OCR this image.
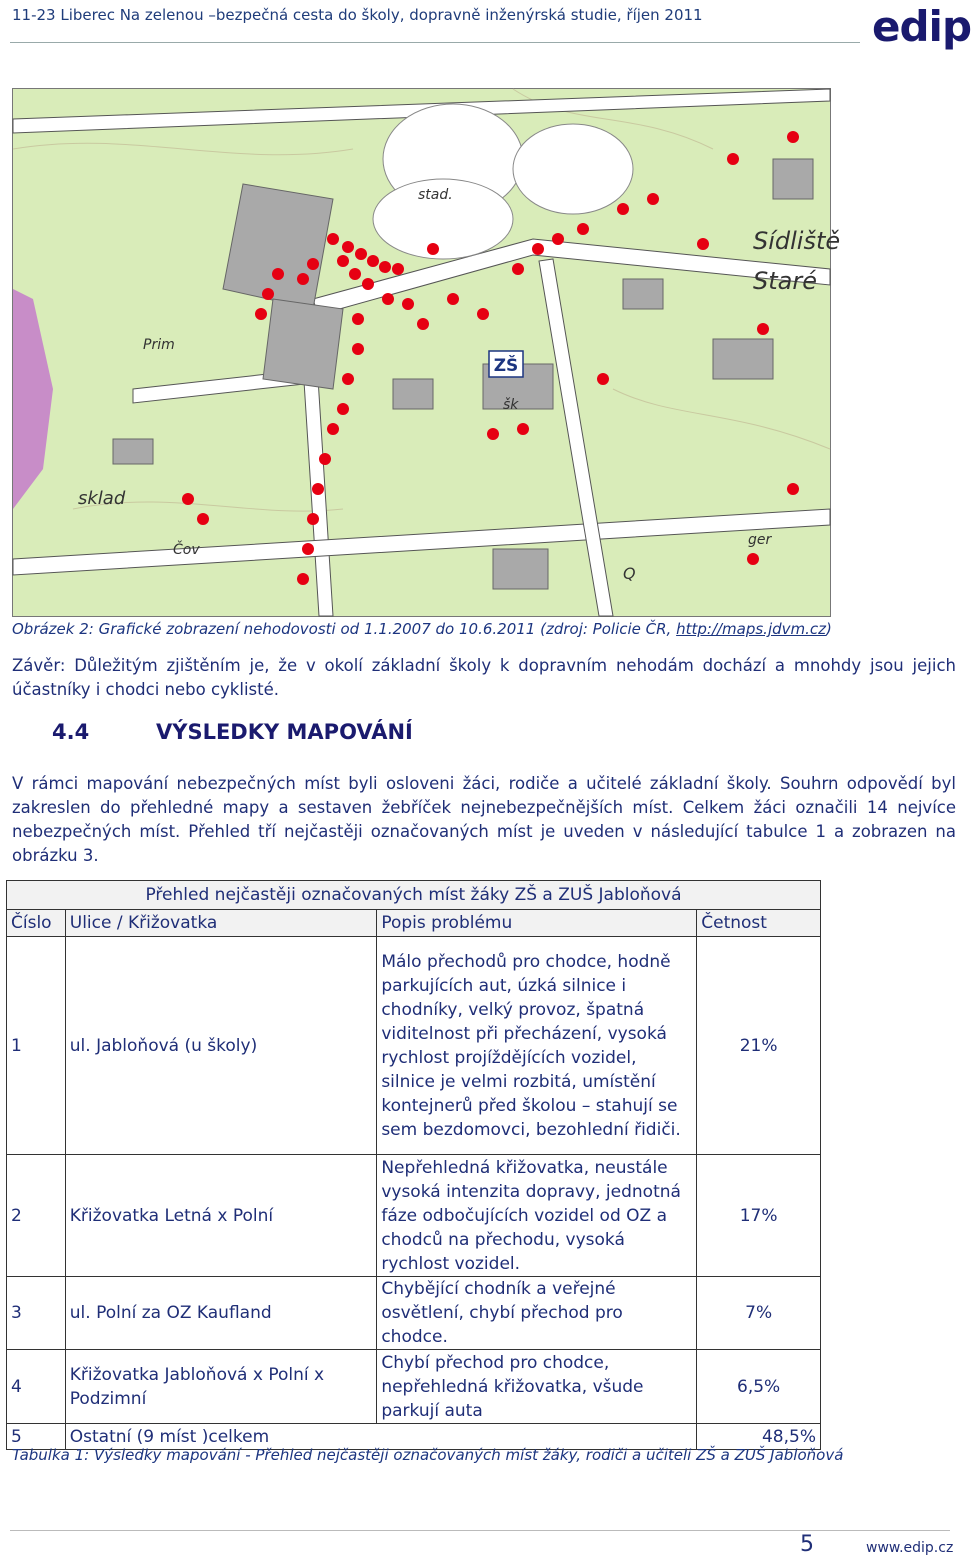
11-23 Liberec Na zelenou –bezpečná cesta do školy, dopravně inženýrská studie, říjen 2011	edip
ZŠ
stad.
Sídliště
Staré
Prim
sklad
šk
Čov
ger
Q
Obrázek 2: Grafické zobrazení nehodovosti od 1.1.2007 do 10.6.2011 (zdroj: Policie ČR, http://maps.jdvm.cz)
Závěr: Důležitým zjištěním je, že v okolí základní školy k dopravním nehodám dochází a mnohdy jsou jejich účastníky i chodci nebo cyklisté.
4.4	VÝSLEDKY MAPOVÁNÍ
V rámci mapování nebezpečných míst byli osloveni žáci, rodiče a učitelé základní školy. Souhrn odpovědí byl zakreslen do přehledné mapy a sestaven žebříček nejnebezpečnějších míst. Celkem žáci označili 14 nejvíce nebezpečných míst. Přehled tří nejčastěji označovaných míst je uveden v následující tabulce 1 a zobrazen na obrázku 3.
Přehled nejčastěji označovaných míst žáky ZŠ a ZUŠ Jabloňová			
Číslo	Ulice / Křižovatka	Popis problému	Četnost
1	ul. Jabloňová (u školy)	Málo přechodů pro chodce, hodně parkujících aut, úzká silnice i chodníky, velký provoz, špatná viditelnost při přecházení, vysoká rychlost projíždějících vozidel, silnice je velmi rozbitá, umístění kontejnerů před školou – stahují se sem bezdomovci, bezohlední řidiči.	21%
2	Křižovatka Letná x Polní	Nepřehledná křižovatka, neustále vysoká intenzita dopravy, jednotná fáze odbočujících vozidel od OZ a chodců na přechodu, vysoká rychlost vozidel.	17%
3	ul. Polní za OZ Kaufland	Chybějící chodník a veřejné osvětlení, chybí přechod pro chodce.	7%
4	Křižovatka Jabloňová x Polní x Podzimní	Chybí přechod pro chodce, nepřehledná křižovatka, všude parkují auta	6,5%
5	Ostatní (9 míst )celkem		48,5%
Tabulka 1: Výsledky mapování - Přehled nejčastěji označovaných míst žáky, rodiči a učiteli ZŠ a ZUŠ Jabloňová
5	www.edip.cz
